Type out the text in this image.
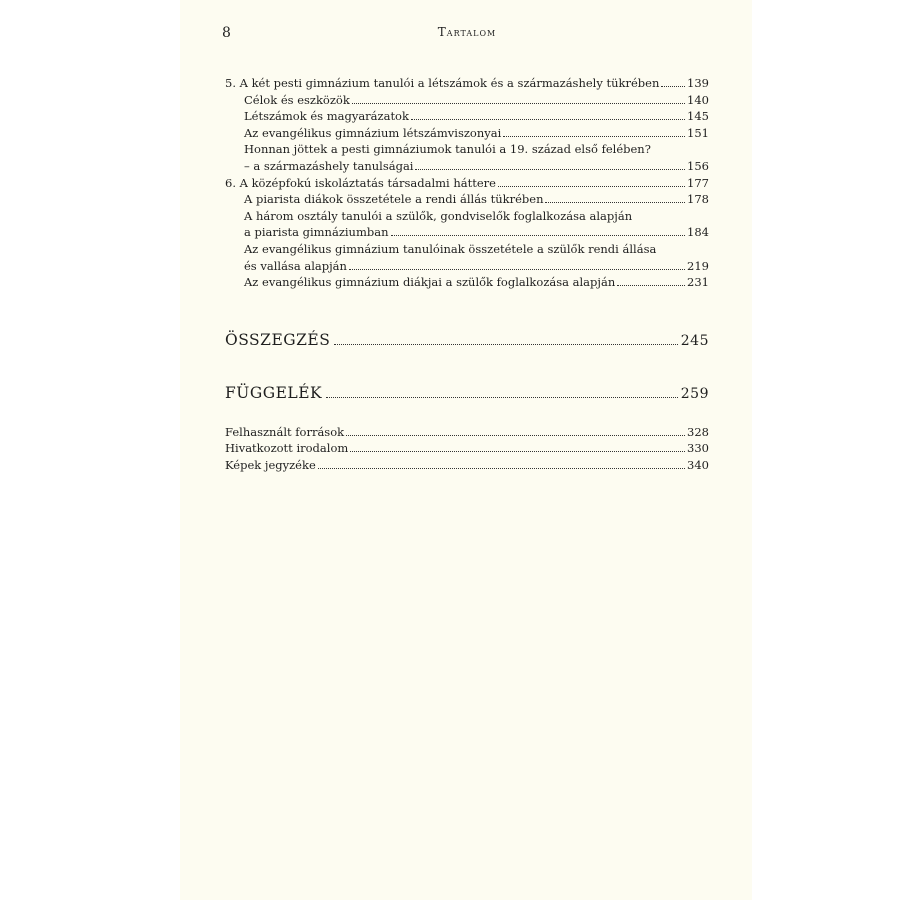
8	Tartalom
5. A két pesti gimnázium tanulói a létszámok és a származáshely tükrében 139
Célok és eszközök	140
Létszámok és magyarázatok	145
Az evangélikus gimnázium létszámviszonyai	151
Honnan jöttek a pesti gimnáziumok tanulói a 19. század első felében?
– a származáshely tanulságai	156
6. A középfokú iskoláztatás társadalmi háttere	177
A piarista diákok összetétele a rendi állás tükrében	178
A három osztály tanulói a szülők, gondviselők foglalkozása alapján
a piarista gimnáziumban	184
Az evangélikus gimnázium tanulóinak összetétele a szülők rendi állása
és vallása alapján	219
Az evangélikus gimnázium diákjai a szülők foglalkozása alapján	231
ÖSSZEGZÉS	245
FÜGGELÉK	259
Felhasznált források	328
Hivatkozott irodalom	330
Képek jegyzéke	340
